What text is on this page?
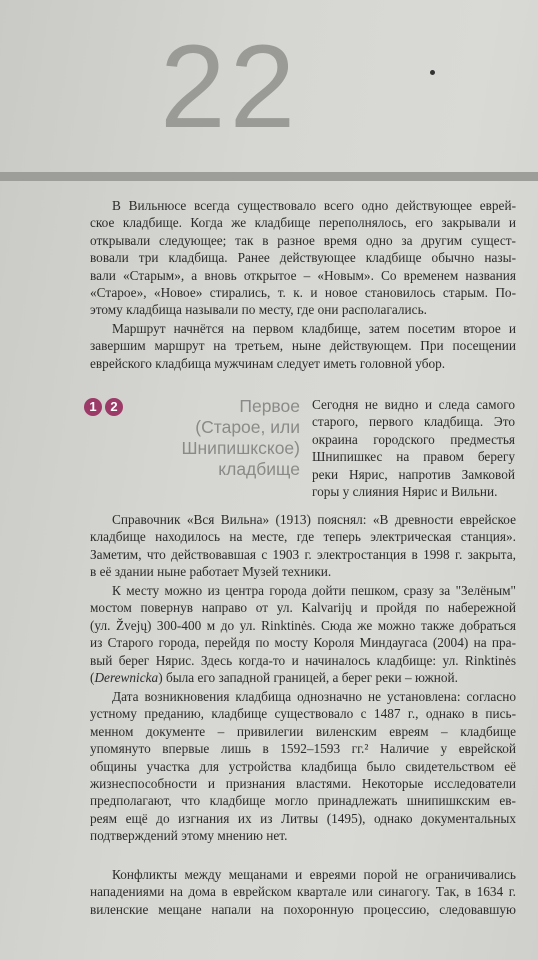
22

В Вильнюсе всегда существовало всего одно действующее еврей-
ское кладбище. Когда же кладбище переполнялось, его закрывали и
открывали следующее; так в разное время одно за другим сущест-
вовали три кладбища. Ранее действующее кладбище обычно назы-
вали «Старым», а вновь открытое – «Новым». Со временем названия
«Старое», «Новое» стирались, т. к. и новое становилось старым. По-
этому кладбища называли по месту, где они располагались.

Маршрут начнётся на первом кладбище, затем посетим второе и
завершим маршрут на третьем, ныне действующем. При посещении
еврейского кладбища мужчинам следует иметь головной убор.

1	2	Первое
(Старое, или
Шнипишкское)
кладбище
Сегодня не видно и следа самого
старого, первого кладбища. Это
окраина городского предместья
Шнипишкес на правом берегу
реки Нярис, напротив Замковой
горы у слияния Нярис и Вильни.

Справочник «Вся Вильна» (1913) пояснял: «В древности еврейское
кладбище находилось на месте, где теперь электрическая станция».
Заметим, что действовавшая с 1903 г. электростанция в 1998 г. закрыта,
в её здании ныне работает Музей техники.

К месту можно из центра города дойти пешком, сразу за "Зелёным"
мостом повернув направо от ул. Kalvarijų и пройдя по набережной
(ул. Žvejų) 300-400 м до ул. Rinktinės. Сюда же можно также добраться
из Старого города, перейдя по мосту Короля Миндаугаса (2004) на пра-
вый берег Нярис. Здесь когда-то и начиналось кладбище: ул. Rinktinės
(Derewnicka) была его западной границей, а берег реки – южной.

Дата возникновения кладбища однозначно не установлена: согласно
устному преданию, кладбище существовало с 1487 г., однако в пись-
менном документе – привилегии виленским евреям – кладбище
упомянуто впервые лишь в 1592–1593 гг.² Наличие у еврейской
общины участка для устройства кладбища было свидетельством её
жизнеспособности и признания властями. Некоторые исследователи
предполагают, что кладбище могло принадлежать шнипишкским ев-
реям ещё до изгнания их из Литвы (1495), однако документальных
подтверждений этому мнению нет.

Конфликты между мещанами и евреями порой не ограничивались
нападениями на дома в еврейском квартале или синагогу. Так, в 1634 г.
виленские мещане напали на похоронную процессию, следовавшую
